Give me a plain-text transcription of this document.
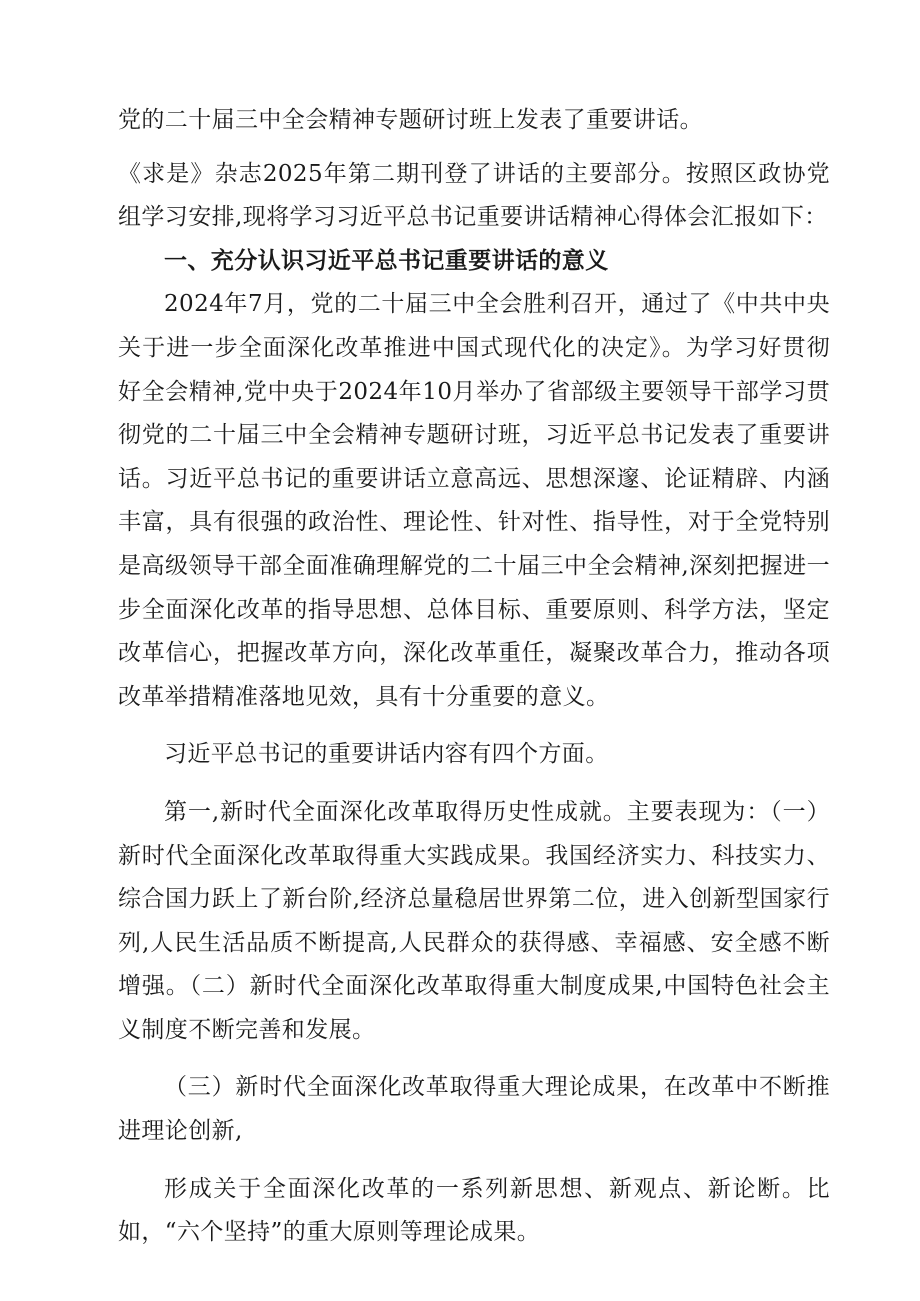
党的二十届三中全会精神专题研讨班上发表了重要讲话。

《求是》杂志2025年第二期刊登了讲话的主要部分。按照区政协党组学习安排,现将学习习近平总书记重要讲话精神心得体会汇报如下：

一、充分认识习近平总书记重要讲话的意义

2024年7月，党的二十届三中全会胜利召开，通过了《中共中央关于进一步全面深化改革推进中国式现代化的决定》。为学习好贯彻好全会精神,党中央于2024年10月举办了省部级主要领导干部学习贯彻党的二十届三中全会精神专题研讨班，习近平总书记发表了重要讲话。习近平总书记的重要讲话立意高远、思想深邃、论证精辟、内涵丰富，具有很强的政治性、理论性、针对性、指导性，对于全党特别是高级领导干部全面准确理解党的二十届三中全会精神,深刻把握进一步全面深化改革的指导思想、总体目标、重要原则、科学方法，坚定改革信心，把握改革方向，深化改革重任，凝聚改革合力，推动各项改革举措精准落地见效，具有十分重要的意义。

习近平总书记的重要讲话内容有四个方面。

第一,新时代全面深化改革取得历史性成就。主要表现为：（一）新时代全面深化改革取得重大实践成果。我国经济实力、科技实力、综合国力跃上了新台阶,经济总量稳居世界第二位，进入创新型国家行列,人民生活品质不断提高,人民群众的获得感、幸福感、安全感不断增强。（二）新时代全面深化改革取得重大制度成果,中国特色社会主义制度不断完善和发展。

（三）新时代全面深化改革取得重大理论成果，在改革中不断推进理论创新,

形成关于全面深化改革的一系列新思想、新观点、新论断。比如，“六个坚持”的重大原则等理论成果。
